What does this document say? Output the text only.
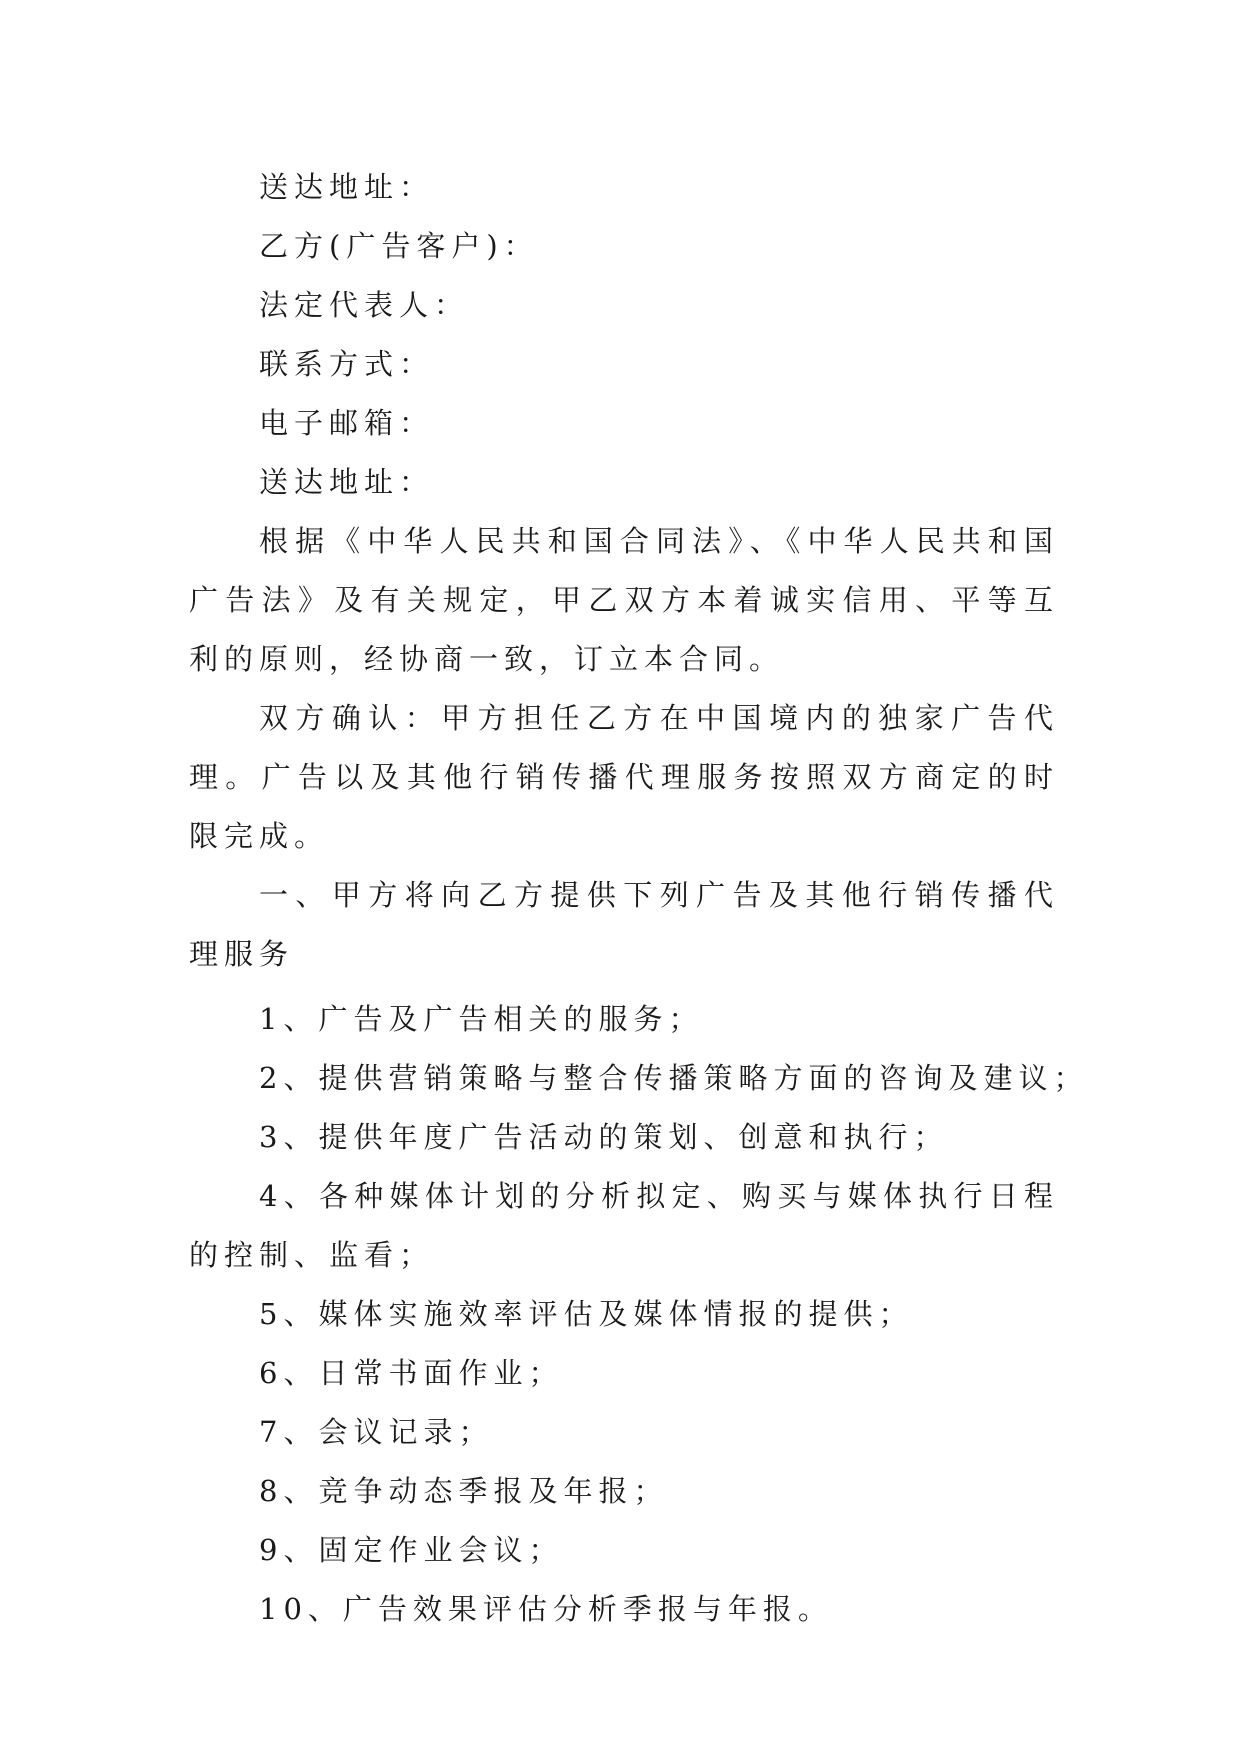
送达地址：

乙方(广告客户)：

法定代表人：

联系方式：

电子邮箱：

送达地址：

根据《中华人民共和国合同法》、《中华人民共和国广告法》及有关规定，甲乙双方本着诚实信用、平等互利的原则，经协商一致，订立本合同。

双方确认：甲方担任乙方在中国境内的独家广告代理。广告以及其他行销传播代理服务按照双方商定的时限完成。

一、甲方将向乙方提供下列广告及其他行销传播代理服务

1、广告及广告相关的服务；

2、提供营销策略与整合传播策略方面的咨询及建议；

3、提供年度广告活动的策划、创意和执行；

4、各种媒体计划的分析拟定、购买与媒体执行日程的控制、监看；

5、媒体实施效率评估及媒体情报的提供；

6、日常书面作业；

7、会议记录；

8、竞争动态季报及年报；

9、固定作业会议；

10、广告效果评估分析季报与年报。
